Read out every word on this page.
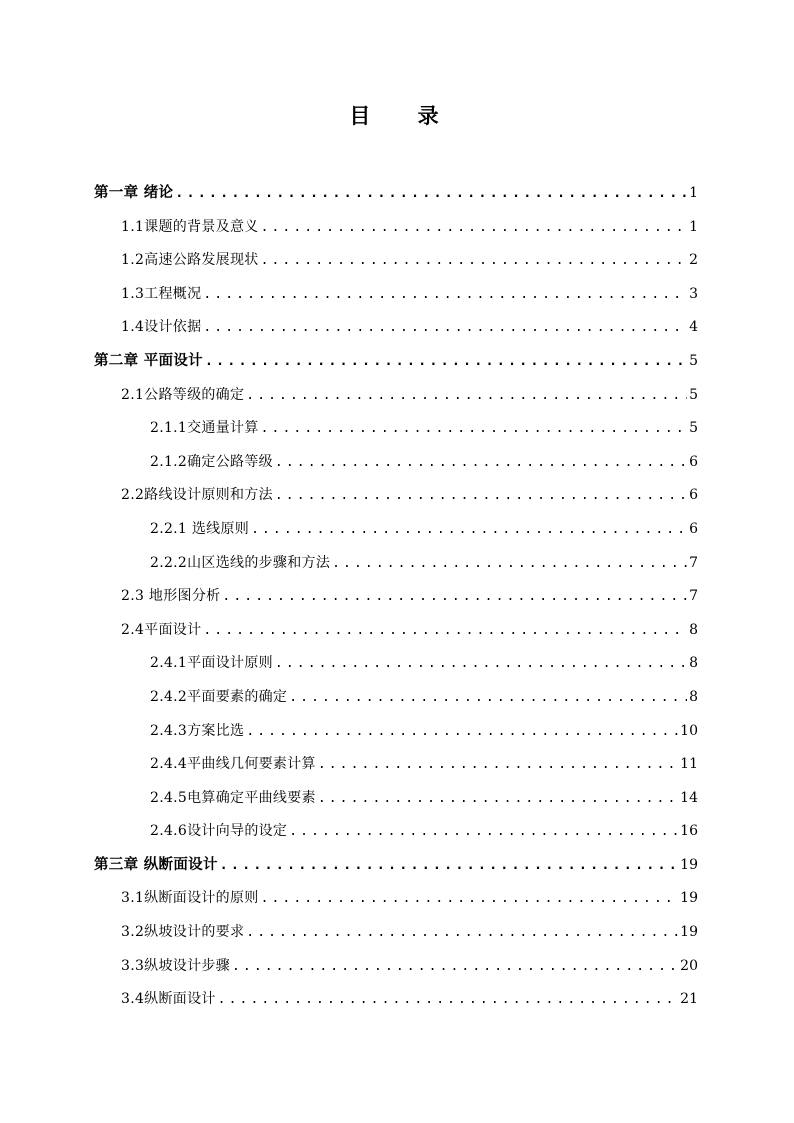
目 录
第一章 绪论 .....	1
1.1课题的背景及意义 .....	1
1.2高速公路发展现状 .....	2
1.3工程概况 .....	3
1.4设计依据 .....	4
第二章 平面设计 .....	5
2.1公路等级的确定 .....	5
2.1.1交通量计算 .....	5
2.1.2确定公路等级 .....	6
2.2路线设计原则和方法 .....	6
2.2.1 选线原则 .....	6
2.2.2山区选线的步骤和方法 .....	7
2.3 地形图分析 .....	7
2.4平面设计 .....	8
2.4.1平面设计原则 .....	8
2.4.2平面要素的确定 .....	8
2.4.3方案比选 .....	10
2.4.4平曲线几何要素计算 .....	11
2.4.5电算确定平曲线要素 .....	14
2.4.6设计向导的设定 .....	16
第三章 纵断面设计 .....	19
3.1纵断面设计的原则 .....	19
3.2纵坡设计的要求 .....	19
3.3纵坡设计步骤 .....	20
3.4纵断面设计 .....	21
